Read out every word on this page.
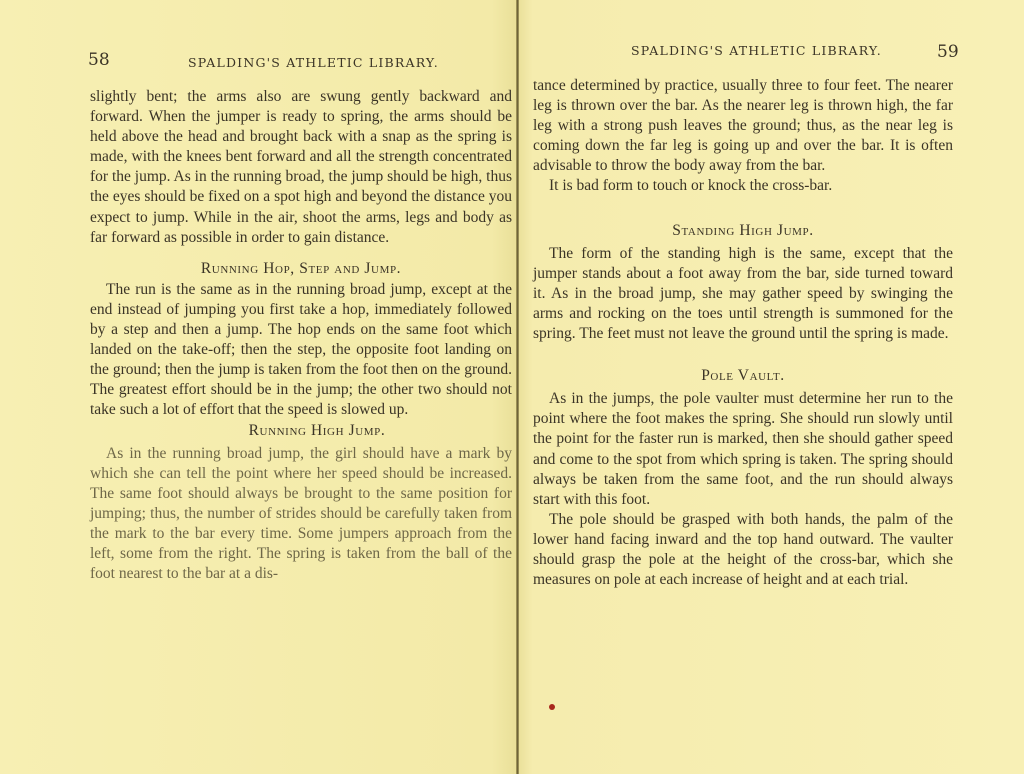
58	SPALDING'S ATHLETIC LIBRARY.

slightly bent; the arms also are swung gently backward and forward. When the jumper is ready to spring, the arms should be held above the head and brought back with a snap as the spring is made, with the knees bent forward and all the strength concentrated for the jump. As in the running broad, the jump should be high, thus the eyes should be fixed on a spot high and beyond the distance you expect to jump. While in the air, shoot the arms, legs and body as far forward as possible in order to gain distance.

Running Hop, Step and Jump.

The run is the same as in the running broad jump, except at the end instead of jumping you first take a hop, immediately followed by a step and then a jump. The hop ends on the same foot which landed on the take-off; then the step, the opposite foot landing on the ground; then the jump is taken from the foot then on the ground. The greatest effort should be in the jump; the other two should not take such a lot of effort that the speed is slowed up.

Running High Jump.

As in the running broad jump, the girl should have a mark by which she can tell the point where her speed should be increased. The same foot should always be brought to the same position for jumping; thus, the number of strides should be carefully taken from the mark to the bar every time. Some jumpers approach from the left, some from the right. The spring is taken from the ball of the foot nearest to the bar at a dis-

SPALDING'S ATHLETIC LIBRARY.	59

tance determined by practice, usually three to four feet. The nearer leg is thrown over the bar. As the nearer leg is thrown high, the far leg with a strong push leaves the ground; thus, as the near leg is coming down the far leg is going up and over the bar. It is often advisable to throw the body away from the bar.

It is bad form to touch or knock the cross-bar.

Standing High Jump.

The form of the standing high is the same, except that the jumper stands about a foot away from the bar, side turned toward it. As in the broad jump, she may gather speed by swinging the arms and rocking on the toes until strength is summoned for the spring. The feet must not leave the ground until the spring is made.

Pole Vault.

As in the jumps, the pole vaulter must determine her run to the point where the foot makes the spring. She should run slowly until the point for the faster run is marked, then she should gather speed and come to the spot from which spring is taken. The spring should always be taken from the same foot, and the run should always start with this foot.

The pole should be grasped with both hands, the palm of the lower hand facing inward and the top hand outward. The vaulter should grasp the pole at the height of the cross-bar, which she measures on pole at each increase of height and at each trial.
